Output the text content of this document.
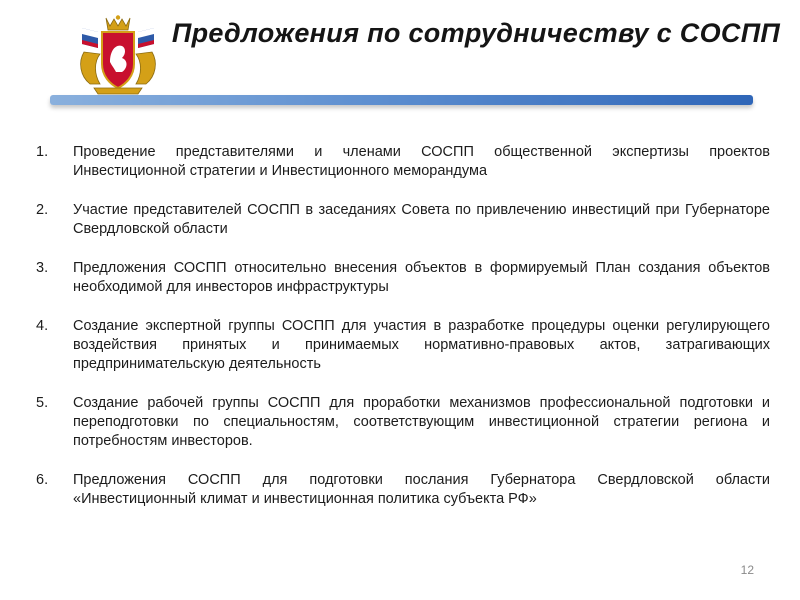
Предложения по сотрудничеству с СОСПП
1.	Проведение представителями и членами СОСПП общественной экспертизы проектов Инвестиционной стратегии и Инвестиционного меморандума
2.	Участие представителей СОСПП в заседаниях Совета по привлечению инвестиций при Губернаторе Свердловской области
3.	Предложения СОСПП относительно внесения объектов в формируемый План создания объектов необходимой для инвесторов инфраструктуры
4.	Создание экспертной группы СОСПП для участия в разработке процедуры оценки регулирующего воздействия принятых и принимаемых нормативно-правовых актов, затрагивающих предпринимательскую деятельность
5.	Создание рабочей группы СОСПП для проработки механизмов профессиональной подготовки и переподготовки по специальностям, соответствующим инвестиционной стратегии региона и потребностям инвесторов.
6.	Предложения СОСПП для подготовки послания Губернатора Свердловской области «Инвестиционный климат и инвестиционная политика субъекта РФ»
12
